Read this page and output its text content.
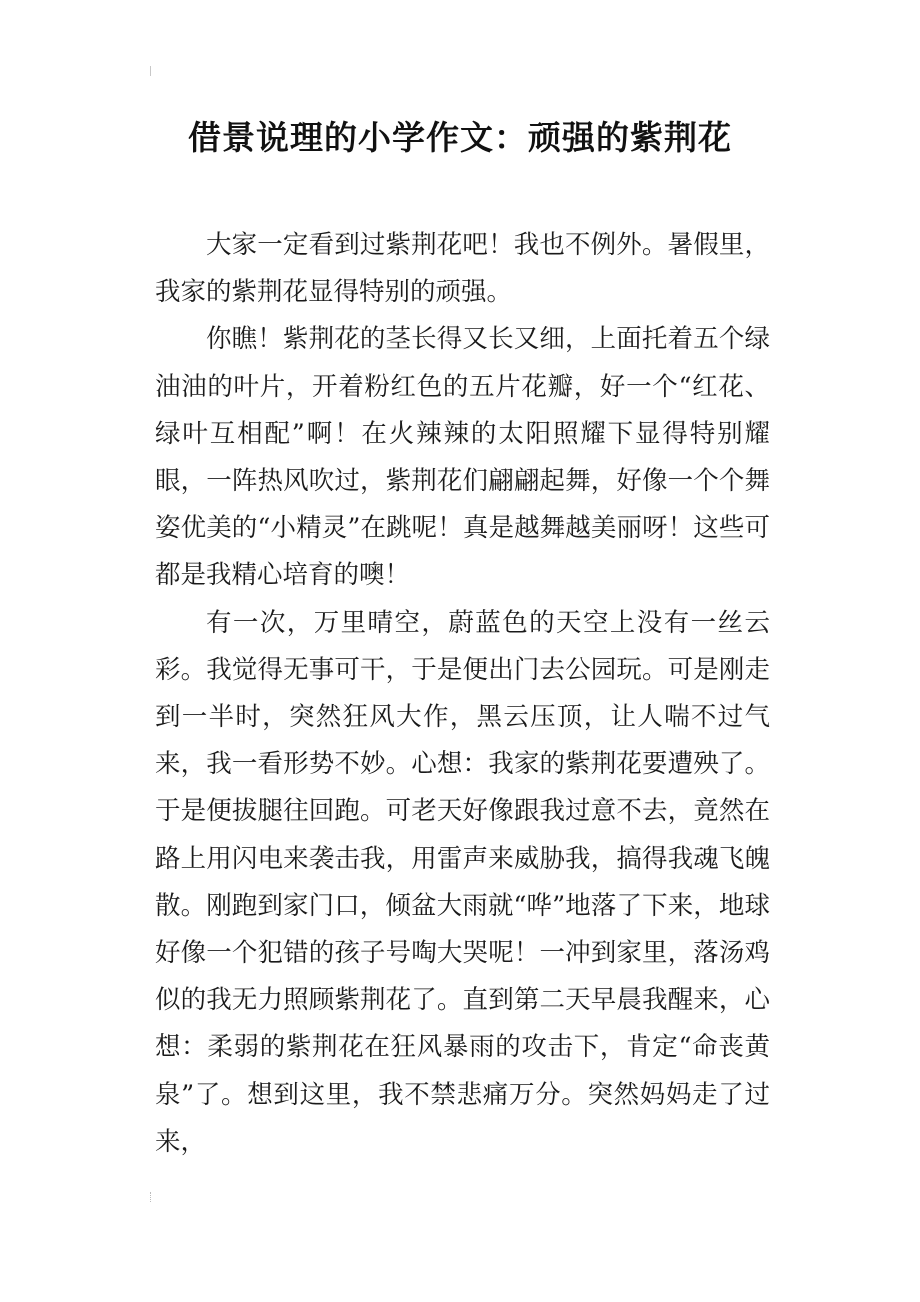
借景说理的小学作文：顽强的紫荆花

大家一定看到过紫荆花吧！我也不例外。暑假里，我家的紫荆花显得特别的顽强。

你瞧！紫荆花的茎长得又长又细，上面托着五个绿油油的叶片，开着粉红色的五片花瓣，好一个“红花、绿叶互相配”啊！在火辣辣的太阳照耀下显得特别耀眼，一阵热风吹过，紫荆花们翩翩起舞，好像一个个舞姿优美的“小精灵”在跳呢！真是越舞越美丽呀！这些可都是我精心培育的噢！

有一次，万里晴空，蔚蓝色的天空上没有一丝云彩。我觉得无事可干，于是便出门去公园玩。可是刚走到一半时，突然狂风大作，黑云压顶，让人喘不过气来，我一看形势不妙。心想：我家的紫荆花要遭殃了。于是便拔腿往回跑。可老天好像跟我过意不去，竟然在路上用闪电来袭击我，用雷声来威胁我，搞得我魂飞魄散。刚跑到家门口，倾盆大雨就“哗”地落了下来，地球好像一个犯错的孩子号啕大哭呢！一冲到家里，落汤鸡似的我无力照顾紫荆花了。直到第二天早晨我醒来，心想：柔弱的紫荆花在狂风暴雨的攻击下，肯定“命丧黄泉”了。想到这里，我不禁悲痛万分。突然妈妈走了过来，
